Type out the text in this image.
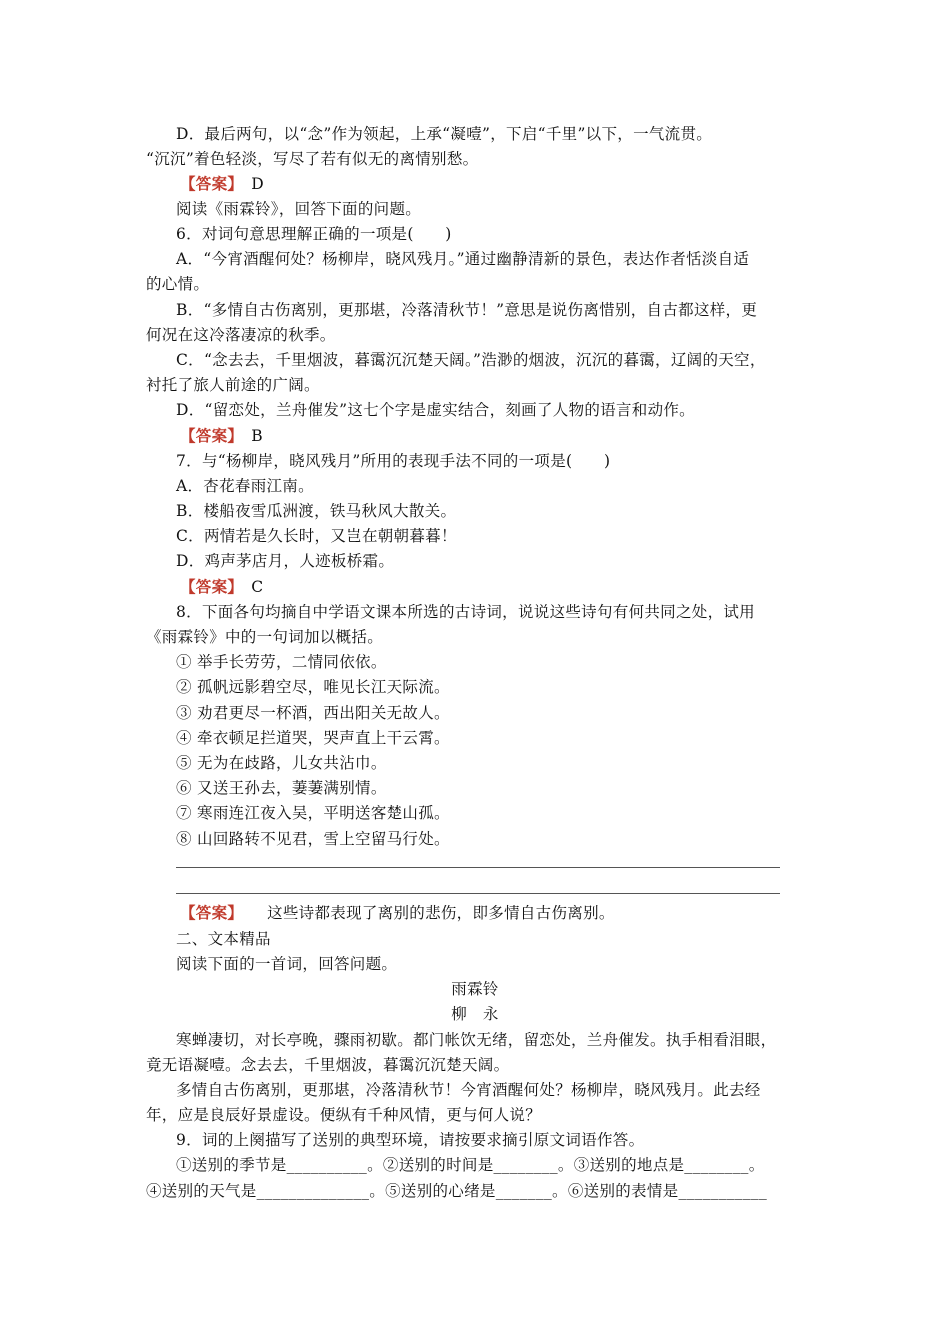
D．最后两句，以“念”作为领起，上承“凝噎”，下启“千里”以下，一气流贯。
“沉沉”着色轻淡，写尽了若有似无的离情别愁。
【答案】　 D
阅读《雨霖铃》，回答下面的问题。
6．对词句意思理解正确的一项是(　　)
A．“今宵酒醒何处？杨柳岸，晓风残月。”通过幽静清新的景色，表达作者恬淡自适
的心情。
B．“多情自古伤离别，更那堪，冷落清秋节！”意思是说伤离惜别，自古都这样，更
何况在这冷落凄凉的秋季。
C．“念去去，千里烟波，暮霭沉沉楚天阔。”浩渺的烟波，沉沉的暮霭，辽阔的天空，
衬托了旅人前途的广阔。
D．“留恋处，兰舟催发”这七个字是虚实结合，刻画了人物的语言和动作。
【答案】　 B
7．与“杨柳岸，晓风残月”所用的表现手法不同的一项是(　　)
A．杏花春雨江南。
B．楼船夜雪瓜洲渡，铁马秋风大散关。
C．两情若是久长时，又岂在朝朝暮暮！
D．鸡声茅店月，人迹板桥霜。
【答案】　 C
8．下面各句均摘自中学语文课本所选的古诗词，说说这些诗句有何共同之处，试用
《雨霖铃》中的一句词加以概括。
① 举手长劳劳，二情同依依。
② 孤帆远影碧空尽，唯见长江天际流。
③ 劝君更尽一杯酒，西出阳关无故人。
④ 牵衣顿足拦道哭，哭声直上干云霄。
⑤ 无为在歧路，儿女共沾巾。
⑥ 又送王孙去，萋萋满别情。
⑦ 寒雨连江夜入吴，平明送客楚山孤。
⑧ 山回路转不见君，雪上空留马行处。
【答案】　　 这些诗都表现了离别的悲伤，即多情自古伤离别。
二、文本精品
阅读下面的一首词，回答问题。
雨霖铃
柳　永
寒蝉凄切，对长亭晚，骤雨初歇。都门帐饮无绪，留恋处，兰舟催发。执手相看泪眼，
竟无语凝噎。念去去，千里烟波，暮霭沉沉楚天阔。
多情自古伤离别，更那堪，冷落清秋节！今宵酒醒何处？杨柳岸，晓风残月。此去经
年，应是良辰好景虚设。便纵有千种风情，更与何人说？
9．词的上阕描写了送别的典型环境，请按要求摘引原文词语作答。
①送别的季节是__________。②送别的时间是________。③送别的地点是________。
④送别的天气是______________。⑤送别的心绪是_______。⑥送别的表情是___________
